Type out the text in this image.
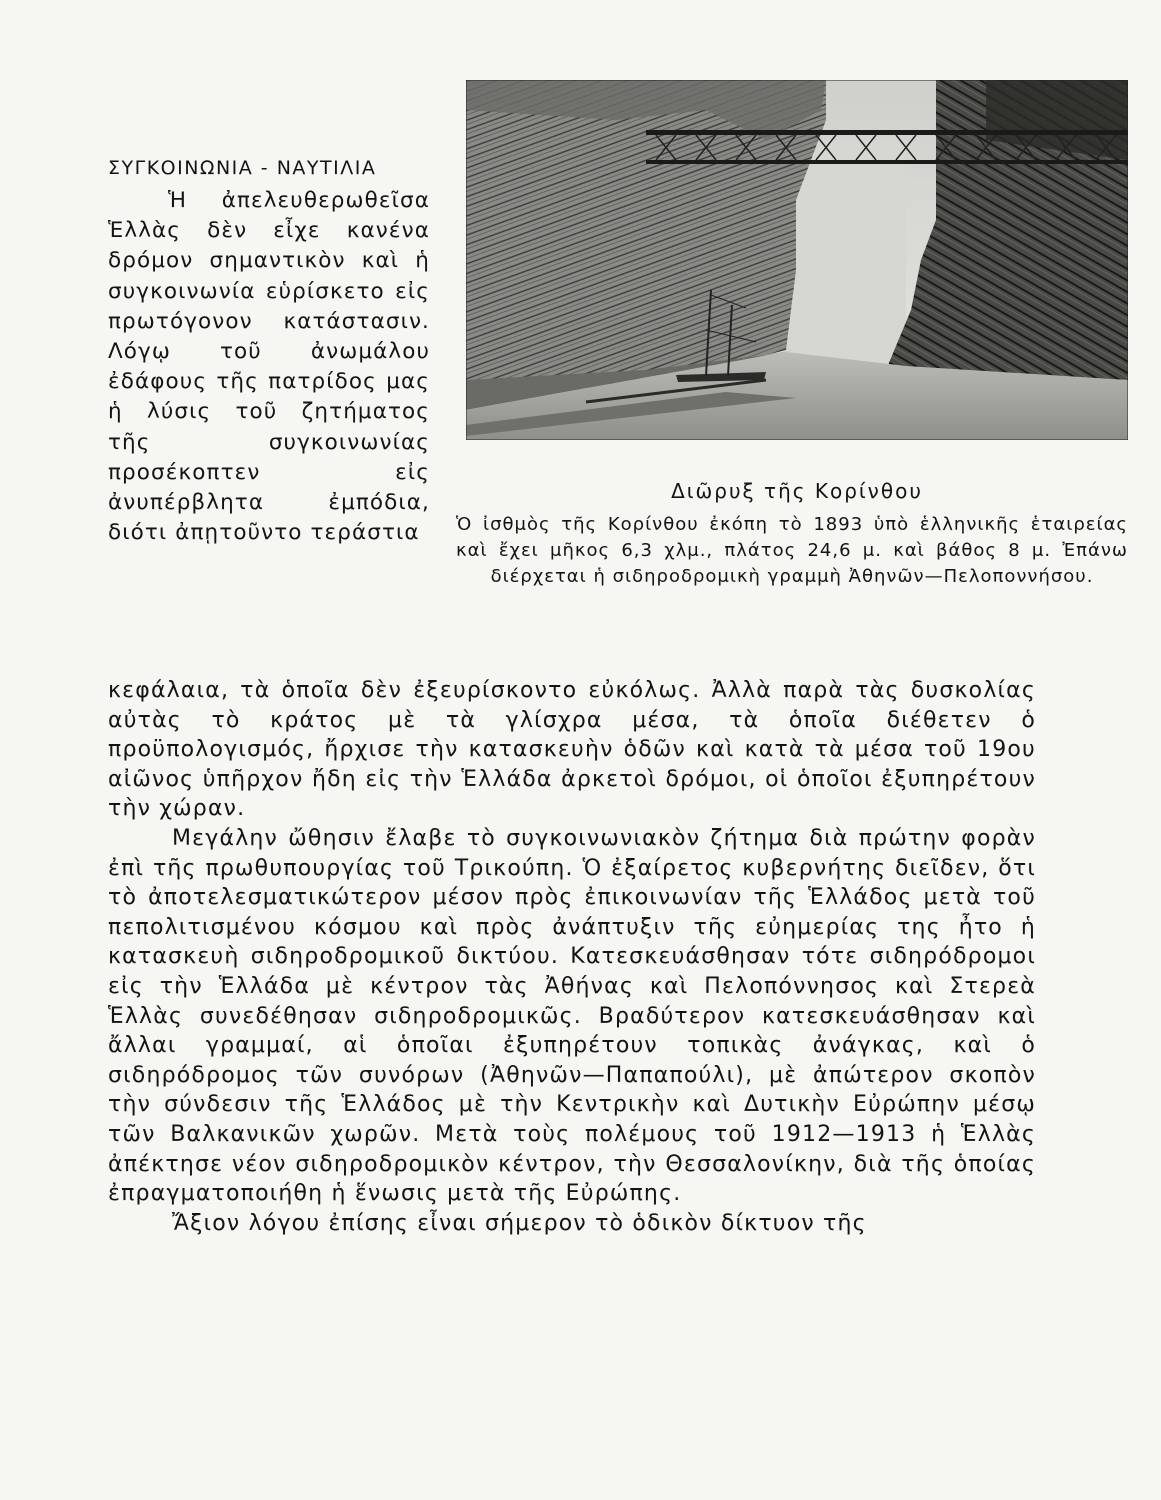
Διῶρυξ τῆς Κορίνθου
Ὁ ἰσθμὸς τῆς Κορίνθου ἐκόπη τὸ 1893 ὑπὸ ἑλληνικῆς ἑταιρείας καὶ ἔχει μῆκος 6,3 χλμ., πλάτος 24,6 μ. καὶ βάθος 8 μ. Ἐπάνω διέρχεται ἡ σιδηροδρομικὴ γραμμὴ Ἀθηνῶν—Πελοποννήσου.
ΣΥΓΚΟΙΝΩΝΙΑ - ΝΑΥΤΙΛΙΑ
Ἡ ἀπελευθερωθεῖσα Ἑλλὰς δὲν εἶχε κανένα δρόμον σημαντικὸν καὶ ἡ συγκοινωνία εὑρίσκετο εἰς πρωτόγονον κατάστασιν. Λόγῳ τοῦ ἀνωμάλου ἐδάφους τῆς πατρίδος μας ἡ λύσις τοῦ ζητήματος τῆς συγκοινωνίας προσέκοπτεν εἰς ἀνυπέρβλητα ἐμπόδια, διότι ἀπῃτοῦντο τεράστια

κεφάλαια, τὰ ὁποῖα δὲν ἐξευρίσκοντο εὐκόλως. Ἀλλὰ παρὰ τὰς δυσκολίας αὐτὰς τὸ κράτος μὲ τὰ γλίσχρα μέσα, τὰ ὁποῖα διέθετεν ὁ προϋπολογισμός, ἤρχισε τὴν κατασκευὴν ὁδῶν καὶ κατὰ τὰ μέσα τοῦ 19ου αἰῶνος ὑπῆρχον ἤδη εἰς τὴν Ἑλλάδα ἀρκετοὶ δρόμοι, οἱ ὁποῖοι ἐξυπηρέτουν τὴν χώραν.

Μεγάλην ὤθησιν ἔλαβε τὸ συγκοινωνιακὸν ζήτημα διὰ πρώτην φορὰν ἐπὶ τῆς πρωθυπουργίας τοῦ Τρικούπη. Ὁ ἐξαίρετος κυβερνήτης διεῖδεν, ὅτι τὸ ἀποτελεσματικώτερον μέσον πρὸς ἐπικοινωνίαν τῆς Ἑλλάδος μετὰ τοῦ πεπολιτισμένου κόσμου καὶ πρὸς ἀνάπτυξιν τῆς εὐημερίας της ἦτο ἡ κατασκευὴ σιδηροδρομικοῦ δικτύου. Κατεσκευάσθησαν τότε σιδηρόδρομοι εἰς τὴν Ἑλλάδα μὲ κέντρον τὰς Ἀθήνας καὶ Πελοπόννησος καὶ Στερεὰ Ἑλλὰς συνεδέθησαν σιδηροδρομικῶς. Βραδύτερον κατεσκευάσθησαν καὶ ἄλλαι γραμμαί, αἱ ὁποῖαι ἐξυπηρέτουν τοπικὰς ἀνάγκας, καὶ ὁ σιδηρόδρομος τῶν συνόρων (Ἀθηνῶν—Παπαπούλι), μὲ ἀπώτερον σκοπὸν τὴν σύνδεσιν τῆς Ἑλλάδος μὲ τὴν Κεντρικὴν καὶ Δυτικὴν Εὐρώπην μέσῳ τῶν Βαλκανικῶν χωρῶν. Μετὰ τοὺς πολέμους τοῦ 1912—1913 ἡ Ἑλλὰς ἀπέκτησε νέον σιδηροδρομικὸν κέντρον, τὴν Θεσσαλονίκην, διὰ τῆς ὁποίας ἐπραγματοποιήθη ἡ ἕνωσις μετὰ τῆς Εὐρώπης.

Ἄξιον λόγου ἐπίσης εἶναι σήμερον τὸ ὁδικὸν δίκτυον τῆς
